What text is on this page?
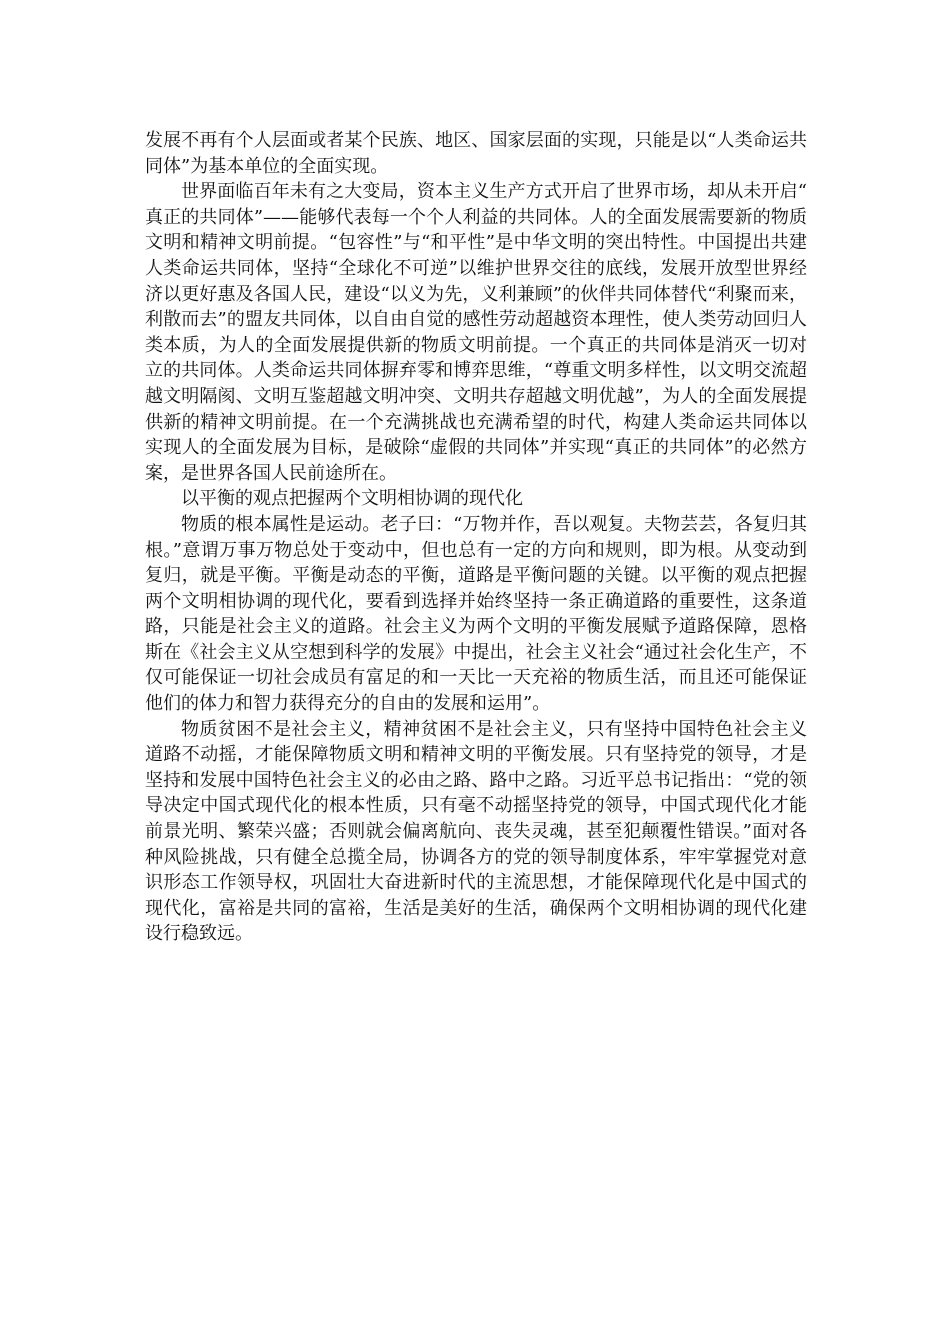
发展不再有个人层面或者某个民族、地区、国家层面的实现，只能是以“人类命运共同体”为基本单位的全面实现。

世界面临百年未有之大变局，资本主义生产方式开启了世界市场，却从未开启“真正的共同体”——能够代表每一个个人利益的共同体。人的全面发展需要新的物质文明和精神文明前提。“包容性”与“和平性”是中华文明的突出特性。中国提出共建人类命运共同体，坚持“全球化不可逆”以维护世界交往的底线，发展开放型世界经济以更好惠及各国人民，建设“以义为先，义利兼顾”的伙伴共同体替代“利聚而来，利散而去”的盟友共同体，以自由自觉的感性劳动超越资本理性，使人类劳动回归人类本质，为人的全面发展提供新的物质文明前提。一个真正的共同体是消灭一切对立的共同体。人类命运共同体摒弃零和博弈思维，“尊重文明多样性，以文明交流超越文明隔阂、文明互鉴超越文明冲突、文明共存超越文明优越”，为人的全面发展提供新的精神文明前提。在一个充满挑战也充满希望的时代，构建人类命运共同体以实现人的全面发展为目标，是破除“虚假的共同体”并实现“真正的共同体”的必然方案，是世界各国人民前途所在。

以平衡的观点把握两个文明相协调的现代化

物质的根本属性是运动。老子曰：“万物并作，吾以观复。夫物芸芸，各复归其根。”意谓万事万物总处于变动中，但也总有一定的方向和规则，即为根。从变动到复归，就是平衡。平衡是动态的平衡，道路是平衡问题的关键。以平衡的观点把握两个文明相协调的现代化，要看到选择并始终坚持一条正确道路的重要性，这条道路，只能是社会主义的道路。社会主义为两个文明的平衡发展赋予道路保障，恩格斯在《社会主义从空想到科学的发展》中提出，社会主义社会“通过社会化生产，不仅可能保证一切社会成员有富足的和一天比一天充裕的物质生活，而且还可能保证他们的体力和智力获得充分的自由的发展和运用”。

物质贫困不是社会主义，精神贫困不是社会主义，只有坚持中国特色社会主义道路不动摇，才能保障物质文明和精神文明的平衡发展。只有坚持党的领导，才是坚持和发展中国特色社会主义的必由之路、路中之路。习近平总书记指出：“党的领导决定中国式现代化的根本性质，只有毫不动摇坚持党的领导，中国式现代化才能前景光明、繁荣兴盛；否则就会偏离航向、丧失灵魂，甚至犯颠覆性错误。”面对各种风险挑战，只有健全总揽全局，协调各方的党的领导制度体系，牢牢掌握党对意识形态工作领导权，巩固壮大奋进新时代的主流思想，才能保障现代化是中国式的现代化，富裕是共同的富裕，生活是美好的生活，确保两个文明相协调的现代化建设行稳致远。
